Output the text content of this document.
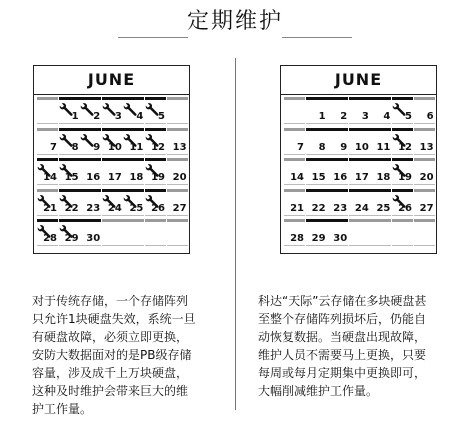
定期维护
JUNE
1 2 3 4 5
7 8 9 10 11 12 13
14 15 16 17 18 19 20
21 22 23 24 25 26 27
28 29 30
JUNE
1 2 3 4 5 6
7 8 9 10 11 12 13
14 15 16 17 18 19 20
21 22 23 24 25 26 27
28 29 30
对于传统存储，一个存储阵列
只允许1块硬盘失效，系统一旦
有硬盘故障，必须立即更换，
安防大数据面对的是PB级存储
容量，涉及成千上万块硬盘，
这种及时维护会带来巨大的维
护工作量。
科达“天际”云存储在多块硬盘甚
至整个存储阵列损坏后，仍能自
动恢复数据。当硬盘出现故障，
维护人员不需要马上更换，只要
每周或每月定期集中更换即可，
大幅削减维护工作量。
